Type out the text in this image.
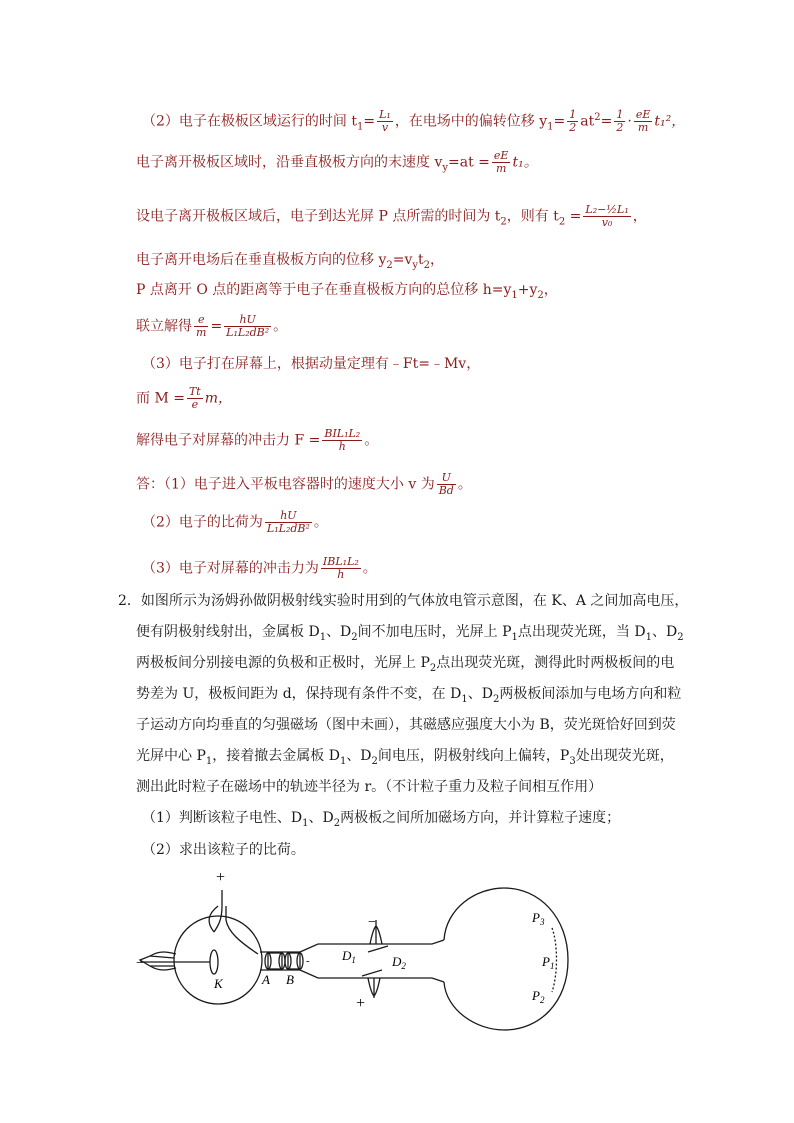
（2）电子在极板区域运行的时间 $t_1= \frac{\text{L₁}}{v}$ ，在电场中的偏转位移 $y_1= \frac{1}{2} at^2= \frac{1}{2} \cdot \frac{eE}{m} t_1^2$，
电子离开极板区域时，沿垂直极板方向的末速度 $v_y=at = \frac{eE}{m} t_1$。
设电子离开极板区域后，电子到达光屏 P 点所需的时间为 $t_2$，则有 $t_2 = \frac{\text{L₂−½L₁}}{\text{v₀}}$ ，
电子离开电场后在垂直极板方向的位移 $y_2=v_yt_2$，
P 点离开 O 点的距离等于电子在垂直极板方向的总位移 $h=y_1+y_2$，
联立解得 $\frac{e}{m} = \frac{hU}{\text{L₁L₂dB²}}$ 。
（3）电子打在屏幕上，根据动量定理有﹣Ft=﹣Mv，
而 $M = \frac{Tt}{e}$ m，
解得电子对屏幕的冲击力 $F = \frac{\text{BIL₁L₂}}{h}$ 。
答：（1）电子进入平板电容器时的速度大小 v 为 $\frac{U}{Bd}$ 。
（2）电子的比荷为 $\frac{hU}{\text{L₁L₂dB²}}$ 。
（3）电子对屏幕的冲击力为 $\frac{\text{IBL₁L₂}}{h}$ 。
2．如图所示为汤姆孙做阴极射线实验时用到的气体放电管示意图，在 K、A 之间加高电压，
便有阴极射线射出，金属板 $D_1$、$D_2$间不加电压时，光屏上 $P_1$点出现荧光斑，当 $D_1$、$D_2$
两极板间分别接电源的负极和正极时，光屏上 $P_2$点出现荧光斑，测得此时两极板间的电
势差为 U，极板间距为 d，保持现有条件不变，在 $D_1$、$D_2$两极板间添加与电场方向和粒
子运动方向均垂直的匀强磁场（图中未画），其磁感应强度大小为 B，荧光斑恰好回到荧
光屏中心 $P_1$，接着撤去金属板 $D_1$、$D_2$间电压，阴极射线向上偏转，$P_3$处出现荧光斑，
测出此时粒子在磁场中的轨迹半径为 r。（不计粒子重力及粒子间相互作用）
（1）判断该粒子电性、$D_1$、$D_2$两极板之间所加磁场方向，并计算粒子速度；
（2）求出该粒子的比荷。
+
−
K	A B
-
−
$D_1$	$D_2$
+
$P_3$
$P_1$
$P_2$
